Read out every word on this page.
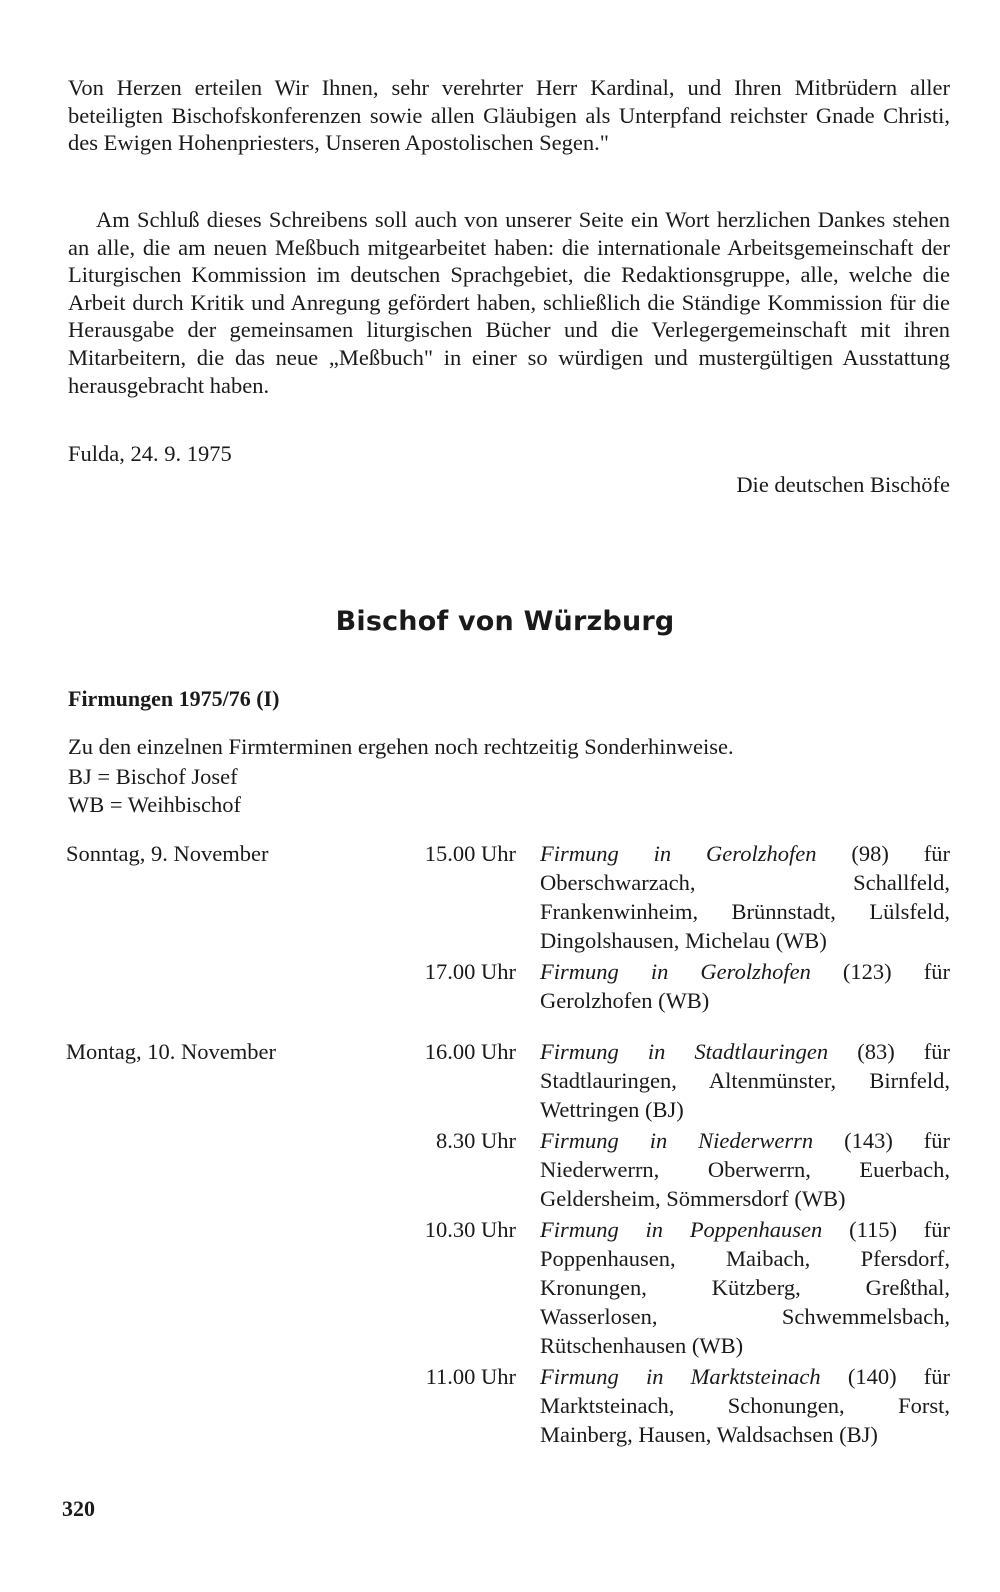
Von Herzen erteilen Wir Ihnen, sehr verehrter Herr Kardinal, und Ihren Mitbrüdern aller beteiligten Bischofskonferenzen sowie allen Gläubigen als Unterpfand reichster Gnade Christi, des Ewigen Hohenpriesters, Unseren Apostolischen Segen."

Am Schluß dieses Schreibens soll auch von unserer Seite ein Wort herzlichen Dankes stehen an alle, die am neuen Meßbuch mitgearbeitet haben: die internationale Arbeitsgemeinschaft der Liturgischen Kommission im deutschen Sprachgebiet, die Redaktionsgruppe, alle, welche die Arbeit durch Kritik und Anregung gefördert haben, schließlich die Ständige Kommission für die Herausgabe der gemeinsamen liturgischen Bücher und die Verlegergemeinschaft mit ihren Mitarbeitern, die das neue „Meßbuch" in einer so würdigen und mustergültigen Ausstattung herausgebracht haben.

Fulda, 24. 9. 1975
Die deutschen Bischöfe
Bischof von Würzburg
Firmungen 1975/76 (I)
Zu den einzelnen Firmterminen ergehen noch rechtzeitig Sonderhinweise.
BJ = Bischof Josef
WB = Weihbischof
Sonntag, 9. November	15.00 Uhr Firmung in Gerolzhofen (98) für Oberschwarzach, Schallfeld, Frankenwinheim, Brünnstadt, Lülsfeld, Dingolshausen, Michelau (WB)
17.00 Uhr Firmung in Gerolzhofen (123) für Gerolzhofen (WB)
Montag, 10. November	16.00 Uhr Firmung in Stadtlauringen (83) für Stadtlauringen, Altenmünster, Birnfeld, Wettringen (BJ)
8.30 Uhr Firmung in Niederwerrn (143) für Niederwerrn, Oberwerrn, Euerbach, Geldersheim, Sömmersdorf (WB)
10.30 Uhr Firmung in Poppenhausen (115) für Poppenhausen, Maibach, Pfersdorf, Kronungen, Kützberg, Greßthal, Wasserlosen, Schwemmelsbach, Rütschenhausen (WB)
11.00 Uhr Firmung in Marktsteinach (140) für Marktsteinach, Schonungen, Forst, Mainberg, Hausen, Waldsachsen (BJ)
320
